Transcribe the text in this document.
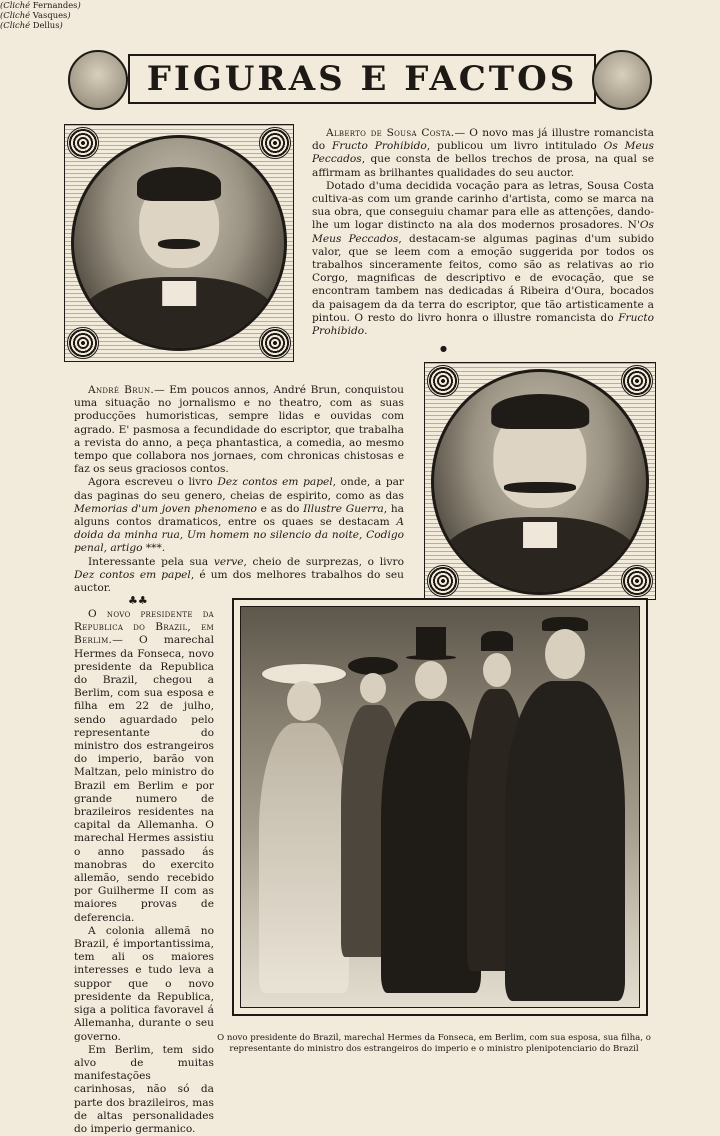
FIGURAS E FACTOS

Alberto de Sousa Costa.— O novo mas já illustre romancista do Fructo Prohibido, publicou um livro intitulado Os Meus Peccados, que consta de bellos trechos de prosa, na qual se affirmam as brilhantes qualidades do seu auctor.

Dotado d'uma decidida vocação para as letras, Sousa Costa cultiva-as com um grande carinho d'artista, como se marca na sua obra, que conseguiu chamar para elle as attenções, dando-lhe um logar distincto na ala dos modernos prosadores. N'Os Meus Peccados, destacam-se algumas paginas d'um subido valor, que se leem com a emoção suggerida por todos os trabalhos sinceramente feitos, como são as relativas ao rio Corgo, magnificas de descriptivo e de evocação, que se encontram tambem nas dedicadas á Ribeira d'Oura, bocados da paisagem da da terra do escriptor, que tão artisticamente a pintou. O resto do livro honra o illustre romancista do Fructo Prohibido.

(Cliché Fernandes)
●

André Brun.— Em poucos annos, André Brun, conquistou uma situação no jornalismo e no theatro, com as suas producções humoristicas, sempre lidas e ouvidas com agrado. E' pasmosa a fecundidade do escriptor, que trabalha a revista do anno, a peça phantastica, a comedia, ao mesmo tempo que collabora nos jornaes, com chronicas chistosas e faz os seus graciosos contos.

Agora escreveu o livro Dez contos em papel, onde, a par das paginas do seu genero, cheias de espirito, como as das Memorias d'um joven phenomeno e as do Illustre Guerra, ha alguns contos dramaticos, entre os quaes se destacam A doida da minha rua, Um homem no silencio da noite, Codigo penal, artigo ***.

Interessante pela sua verve, cheio de surprezas, o livro Dez contos em papel, é um dos melhores trabalhos do seu auctor.

(Cliché Vasques)
♣♣

O novo presidente da Republica do Brazil, em Berlim.— O marechal Hermes da Fonseca, novo presidente da Republica do Brazil, chegou a Berlim, com sua esposa e filha em 22 de julho, sendo aguardado pelo representante do ministro dos estrangeiros do imperio, barão von Maltzan, pelo ministro do Brazil em Berlim e por grande numero de brazileiros residentes na capital da Allemanha. O marechal Hermes assistiu o anno passado ás manobras do exercito allemão, sendo recebido por Guilherme II com as maiores provas de deferencia.

A colonia allemã no Brazil, é importantissima, tem ali os maiores interesses e tudo leva a suppor que o novo presidente da Republica, siga a politica favoravel á Allemanha, durante o seu governo.

Em Berlim, tem sido alvo de muitas manifestações carinhosas, não só da parte dos brazileiros, mas de altas personalidades do imperio germanico.

(Cliché Dellus)
O novo presidente do Brazil, marechal Hermes da Fonseca, em Berlim, com sua esposa, sua filha, o representante do ministro dos estrangeiros do imperio e o ministro plenipotenciario do Brazil
